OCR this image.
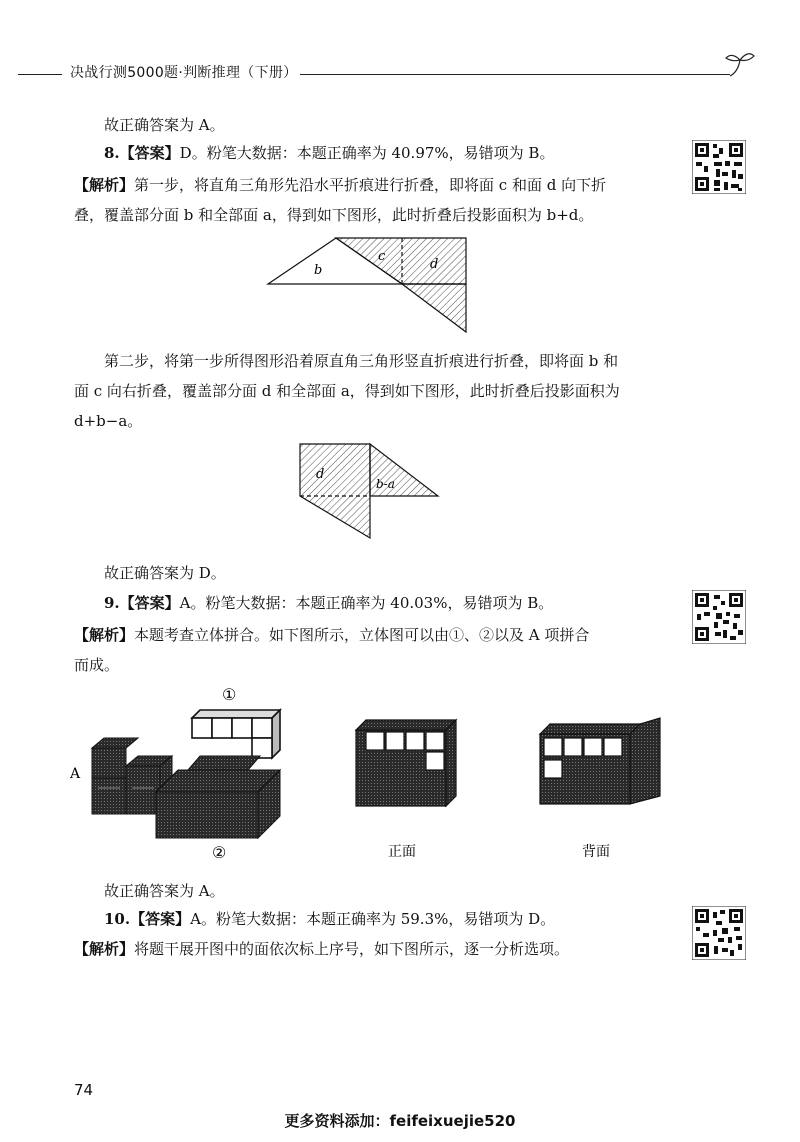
决战行测5000题·判断推理（下册）
故正确答案为 A。
8.【答案】D。粉笔大数据：本题正确率为 40.97%，易错项为 B。
【解析】第一步，将直角三角形先沿水平折痕进行折叠，即将面 c 和面 d 向下折
叠，覆盖部分面 b 和全部面 a，得到如下图形，此时折叠后投影面积为 b+d。
b
c
d
第二步，将第一步所得图形沿着原直角三角形竖直折痕进行折叠，即将面 b 和
面 c 向右折叠，覆盖部分面 d 和全部面 a，得到如下图形，此时折叠后投影面积为
d+b−a。
d
b-a
故正确答案为 D。
9.【答案】A。粉笔大数据：本题正确率为 40.03%，易错项为 B。
【解析】本题考查立体拼合。如下图所示，立体图可以由①、②以及 A 项拼合
而成。
①
A
②	正面	背面
故正确答案为 A。
10.【答案】A。粉笔大数据：本题正确率为 59.3%，易错项为 D。
【解析】将题干展开图中的面依次标上序号，如下图所示，逐一分析选项。
74
更多资料添加：feifeixuejie520
